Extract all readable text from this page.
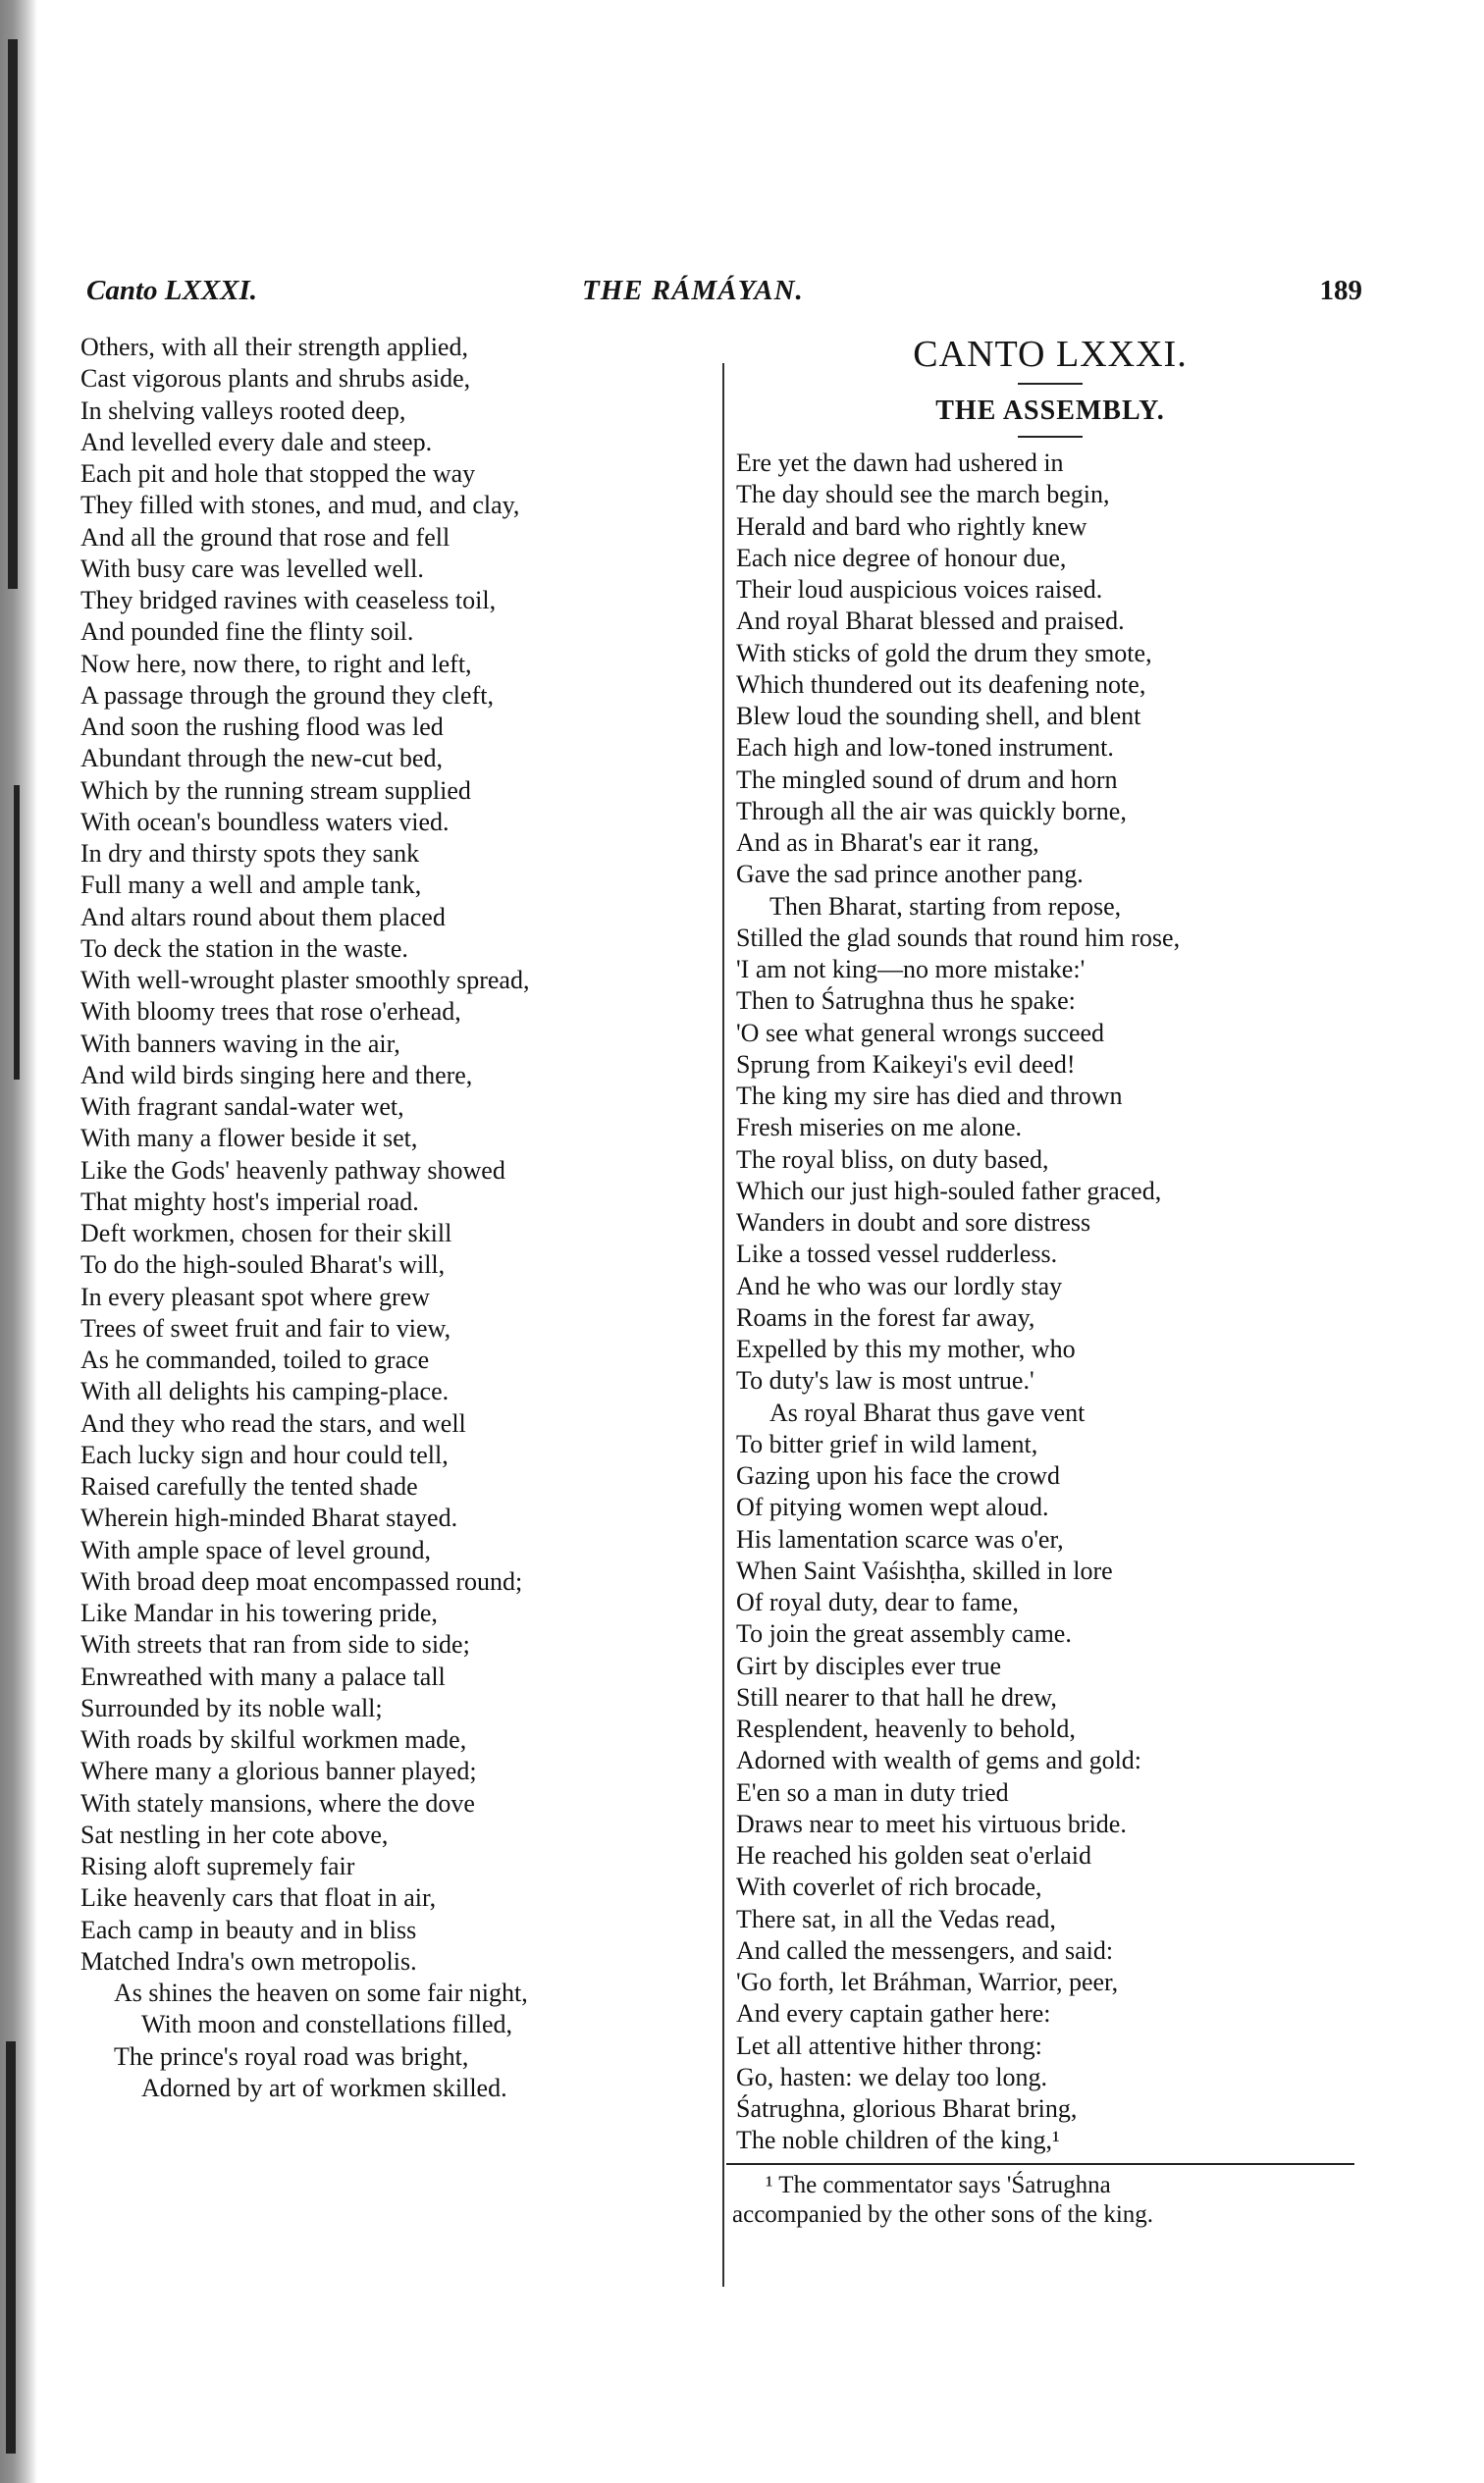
Canto LXXXI.	THE RÁMÁYAN.	189
Others, with all their strength applied,
Cast vigorous plants and shrubs aside,
In shelving valleys rooted deep,
And levelled every dale and steep.
Each pit and hole that stopped the way
They filled with stones, and mud, and clay,
And all the ground that rose and fell
With busy care was levelled well.
They bridged ravines with ceaseless toil,
And pounded fine the flinty soil.
Now here, now there, to right and left,
A passage through the ground they cleft,
And soon the rushing flood was led
Abundant through the new-cut bed,
Which by the running stream supplied
With ocean's boundless waters vied.
In dry and thirsty spots they sank
Full many a well and ample tank,
And altars round about them placed
To deck the station in the waste.
With well-wrought plaster smoothly spread,
With bloomy trees that rose o'erhead,
With banners waving in the air,
And wild birds singing here and there,
With fragrant sandal-water wet,
With many a flower beside it set,
Like the Gods' heavenly pathway showed
That mighty host's imperial road.
Deft workmen, chosen for their skill
To do the high-souled Bharat's will,
In every pleasant spot where grew
Trees of sweet fruit and fair to view,
As he commanded, toiled to grace
With all delights his camping-place.
And they who read the stars, and well
Each lucky sign and hour could tell,
Raised carefully the tented shade
Wherein high-minded Bharat stayed.
With ample space of level ground,
With broad deep moat encompassed round;
Like Mandar in his towering pride,
With streets that ran from side to side;
Enwreathed with many a palace tall
Surrounded by its noble wall;
With roads by skilful workmen made,
Where many a glorious banner played;
With stately mansions, where the dove
Sat nestling in her cote above,
Rising aloft supremely fair
Like heavenly cars that float in air,
Each camp in beauty and in bliss
Matched Indra's own metropolis.
As shines the heaven on some fair night,
With moon and constellations filled,
The prince's royal road was bright,
Adorned by art of workmen skilled.
CANTO LXXXI.
THE ASSEMBLY.
Ere yet the dawn had ushered in
The day should see the march begin,
Herald and bard who rightly knew
Each nice degree of honour due,
Their loud auspicious voices raised.
And royal Bharat blessed and praised.
With sticks of gold the drum they smote,
Which thundered out its deafening note,
Blew loud the sounding shell, and blent
Each high and low-toned instrument.
The mingled sound of drum and horn
Through all the air was quickly borne,
And as in Bharat's ear it rang,
Gave the sad prince another pang.
Then Bharat, starting from repose,
Stilled the glad sounds that round him rose,
'I am not king—no more mistake:'
Then to Śatrughna thus he spake:
'O see what general wrongs succeed
Sprung from Kaikeyi's evil deed!
The king my sire has died and thrown
Fresh miseries on me alone.
The royal bliss, on duty based,
Which our just high-souled father graced,
Wanders in doubt and sore distress
Like a tossed vessel rudderless.
And he who was our lordly stay
Roams in the forest far away,
Expelled by this my mother, who
To duty's law is most untrue.'
As royal Bharat thus gave vent
To bitter grief in wild lament,
Gazing upon his face the crowd
Of pitying women wept aloud.
His lamentation scarce was o'er,
When Saint Vaśishṭha, skilled in lore
Of royal duty, dear to fame,
To join the great assembly came.
Girt by disciples ever true
Still nearer to that hall he drew,
Resplendent, heavenly to behold,
Adorned with wealth of gems and gold:
E'en so a man in duty tried
Draws near to meet his virtuous bride.
He reached his golden seat o'erlaid
With coverlet of rich brocade,
There sat, in all the Vedas read,
And called the messengers, and said:
'Go forth, let Bráhman, Warrior, peer,
And every captain gather here:
Let all attentive hither throng:
Go, hasten: we delay too long.
Śatrughna, glorious Bharat bring,
The noble children of the king,¹
¹ The commentator says 'Śatrughna
accompanied by the other sons of the king.
